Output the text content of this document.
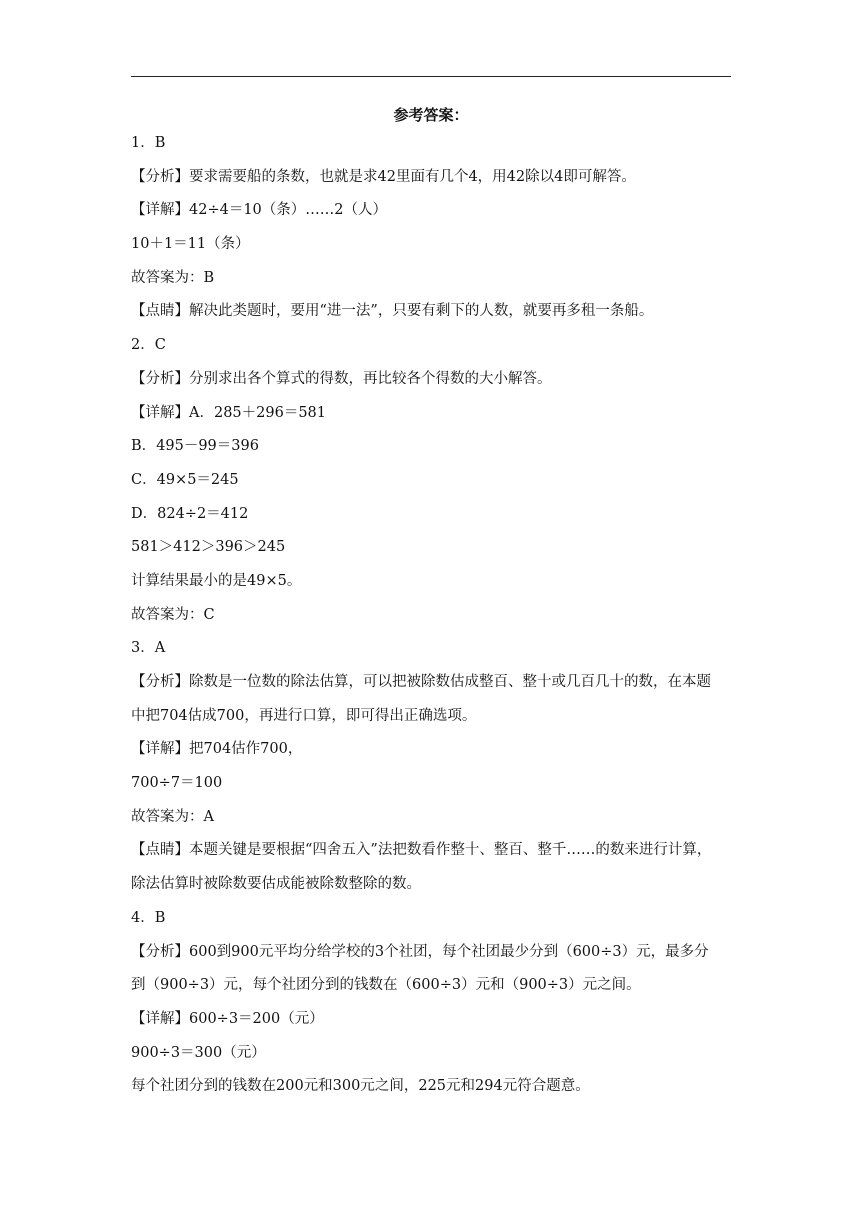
参考答案：
1．B
【分析】要求需要船的条数，也就是求42里面有几个4，用42除以4即可解答。
【详解】42÷4＝10（条）……2（人）
10＋1＝11（条）
故答案为：B
【点睛】解决此类题时，要用“进一法”，只要有剩下的人数，就要再多租一条船。
2．C
【分析】分别求出各个算式的得数，再比较各个得数的大小解答。
【详解】A．285＋296＝581
B．495－99＝396
C．49×5＝245
D．824÷2＝412
581＞412＞396＞245
计算结果最小的是49×5。
故答案为：C
3．A
【分析】除数是一位数的除法估算，可以把被除数估成整百、整十或几百几十的数，在本题
中把704估成700，再进行口算，即可得出正确选项。
【详解】把704估作700，
700÷7＝100
故答案为：A
【点睛】本题关键是要根据“四舍五入”法把数看作整十、整百、整千……的数来进行计算，
除法估算时被除数要估成能被除数整除的数。
4．B
【分析】600到900元平均分给学校的3个社团，每个社团最少分到（600÷3）元，最多分
到（900÷3）元，每个社团分到的钱数在（600÷3）元和（900÷3）元之间。
【详解】600÷3＝200（元）
900÷3＝300（元）
每个社团分到的钱数在200元和300元之间，225元和294元符合题意。
